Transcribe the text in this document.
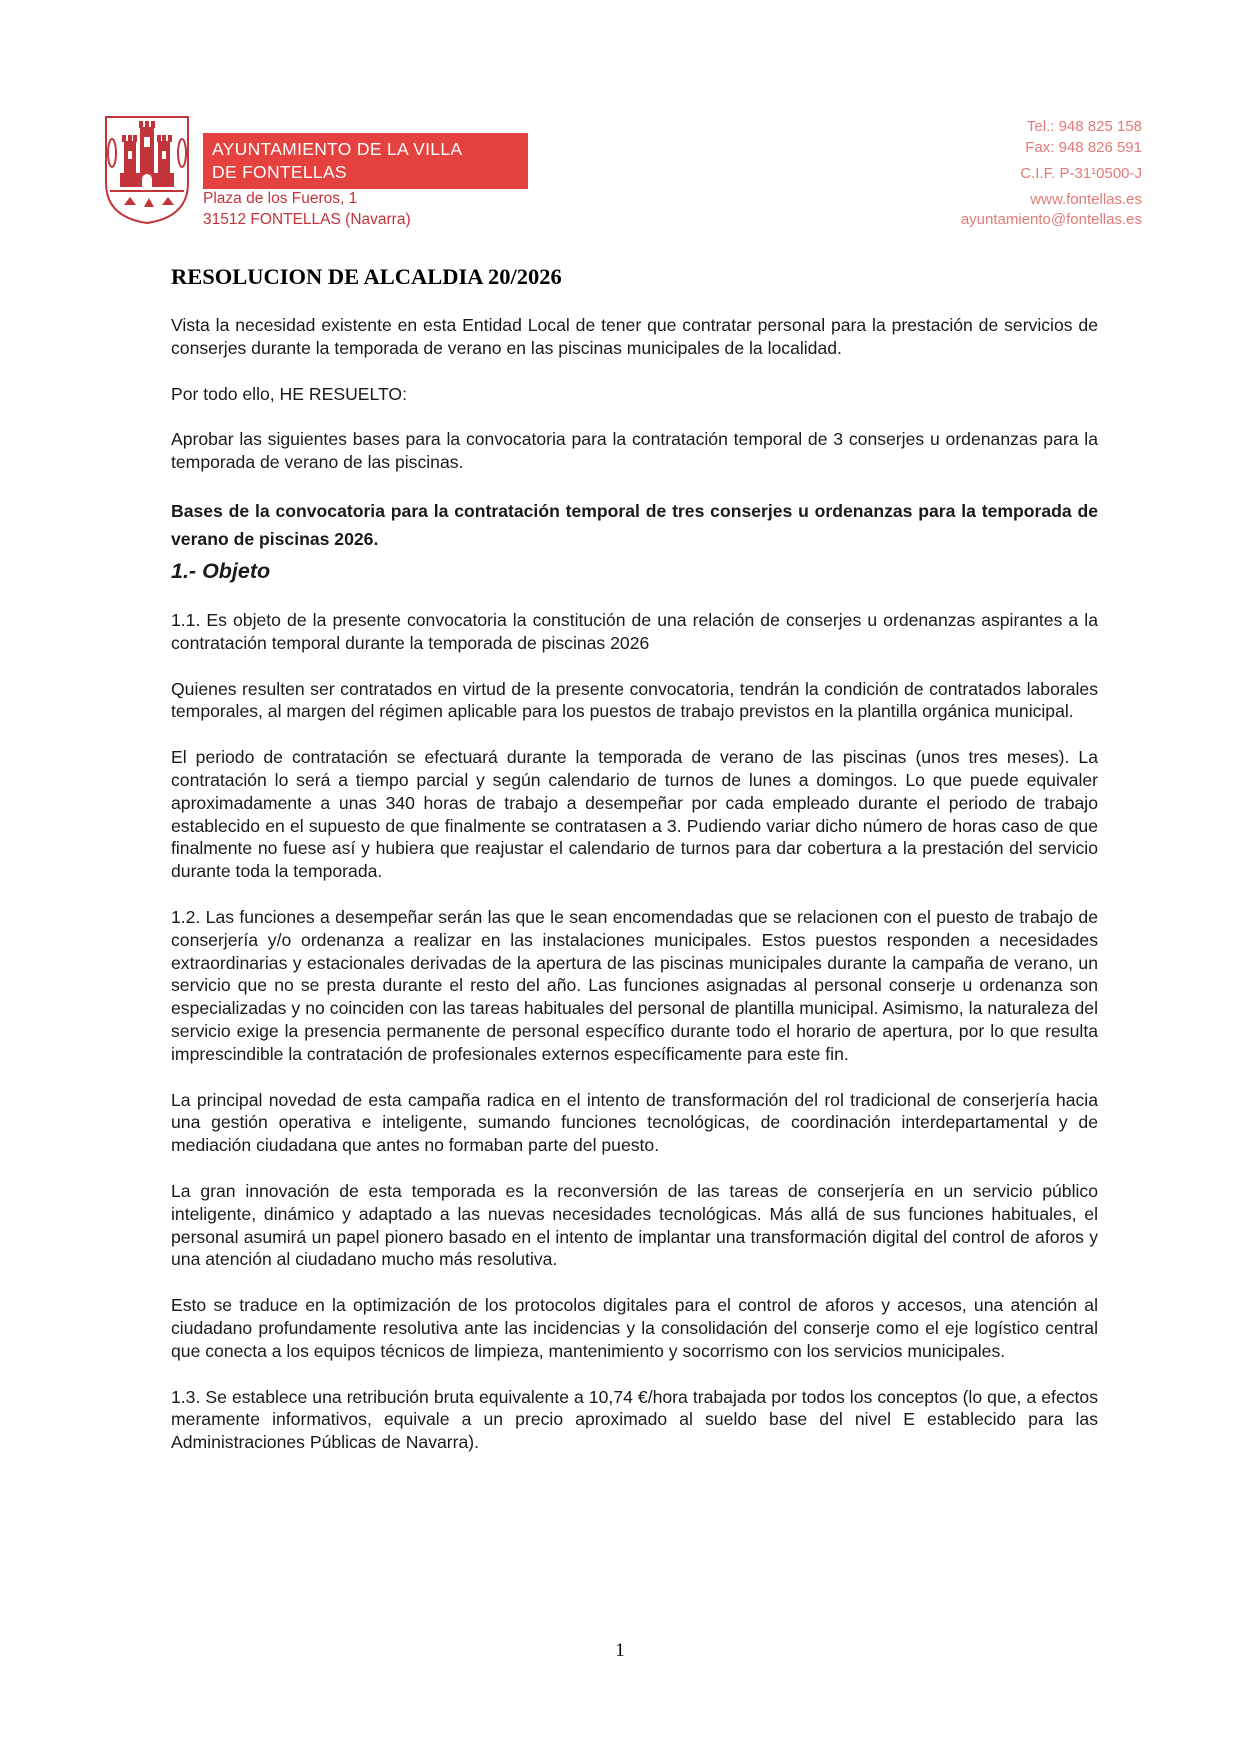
AYUNTAMIENTO DE LA VILLA
DE FONTELLAS
Plaza de los Fueros, 1
31512 FONTELLAS (Navarra)
Tel.: 948 825 158
Fax: 948 826 591
C.I.F. P-31¹0500-J
www.fontellas.es
ayuntamiento@fontellas.es
RESOLUCION DE ALCALDIA 20/2026

Vista la necesidad existente en esta Entidad Local de tener que contratar personal para la prestación de servicios de conserjes durante la temporada de verano en las piscinas municipales de la localidad.

Por todo ello, HE RESUELTO:

Aprobar las siguientes bases para la convocatoria para la contratación temporal de 3 conserjes u ordenanzas para la temporada de verano de las piscinas.

Bases de la convocatoria para la contratación temporal de tres conserjes u ordenanzas para la temporada de verano de piscinas 2026.

1.- Objeto

1.1. Es objeto de la presente convocatoria la constitución de una relación de conserjes u ordenanzas aspirantes a la contratación temporal durante la temporada de piscinas 2026

Quienes resulten ser contratados en virtud de la presente convocatoria, tendrán la condición de contratados laborales temporales, al margen del régimen aplicable para los puestos de trabajo previstos en la plantilla orgánica municipal.

El periodo de contratación se efectuará durante la temporada de verano de las piscinas (unos tres meses). La contratación lo será a tiempo parcial y según calendario de turnos de lunes a domingos. Lo que puede equivaler aproximadamente a unas 340 horas de trabajo a desempeñar por cada empleado durante el periodo de trabajo establecido en el supuesto de que finalmente se contratasen a 3. Pudiendo variar dicho número de horas caso de que finalmente no fuese así y hubiera que reajustar el calendario de turnos para dar cobertura a la prestación del servicio durante toda la temporada.

1.2. Las funciones a desempeñar serán las que le sean encomendadas que se relacionen con el puesto de trabajo de conserjería y/o ordenanza a realizar en las instalaciones municipales. Estos puestos responden a necesidades extraordinarias y estacionales derivadas de la apertura de las piscinas municipales durante la campaña de verano, un servicio que no se presta durante el resto del año. Las funciones asignadas al personal conserje u ordenanza son especializadas y no coinciden con las tareas habituales del personal de plantilla municipal. Asimismo, la naturaleza del servicio exige la presencia permanente de personal específico durante todo el horario de apertura, por lo que resulta imprescindible la contratación de profesionales externos específicamente para este fin.

La principal novedad de esta campaña radica en el intento de transformación del rol tradicional de conserjería hacia una gestión operativa e inteligente, sumando funciones tecnológicas, de coordinación interdepartamental y de mediación ciudadana que antes no formaban parte del puesto.

La gran innovación de esta temporada es la reconversión de las tareas de conserjería en un servicio público inteligente, dinámico y adaptado a las nuevas necesidades tecnológicas. Más allá de sus funciones habituales, el personal asumirá un papel pionero basado en el intento de implantar una transformación digital del control de aforos y una atención al ciudadano mucho más resolutiva.

Esto se traduce en la optimización de los protocolos digitales para el control de aforos y accesos, una atención al ciudadano profundamente resolutiva ante las incidencias y la consolidación del conserje como el eje logístico central que conecta a los equipos técnicos de limpieza, mantenimiento y socorrismo con los servicios municipales.

1.3. Se establece una retribución bruta equivalente a 10,74 €/hora trabajada por todos los conceptos (lo que, a efectos meramente informativos, equivale a un precio aproximado al sueldo base del nivel E establecido para las Administraciones Públicas de Navarra).

1
